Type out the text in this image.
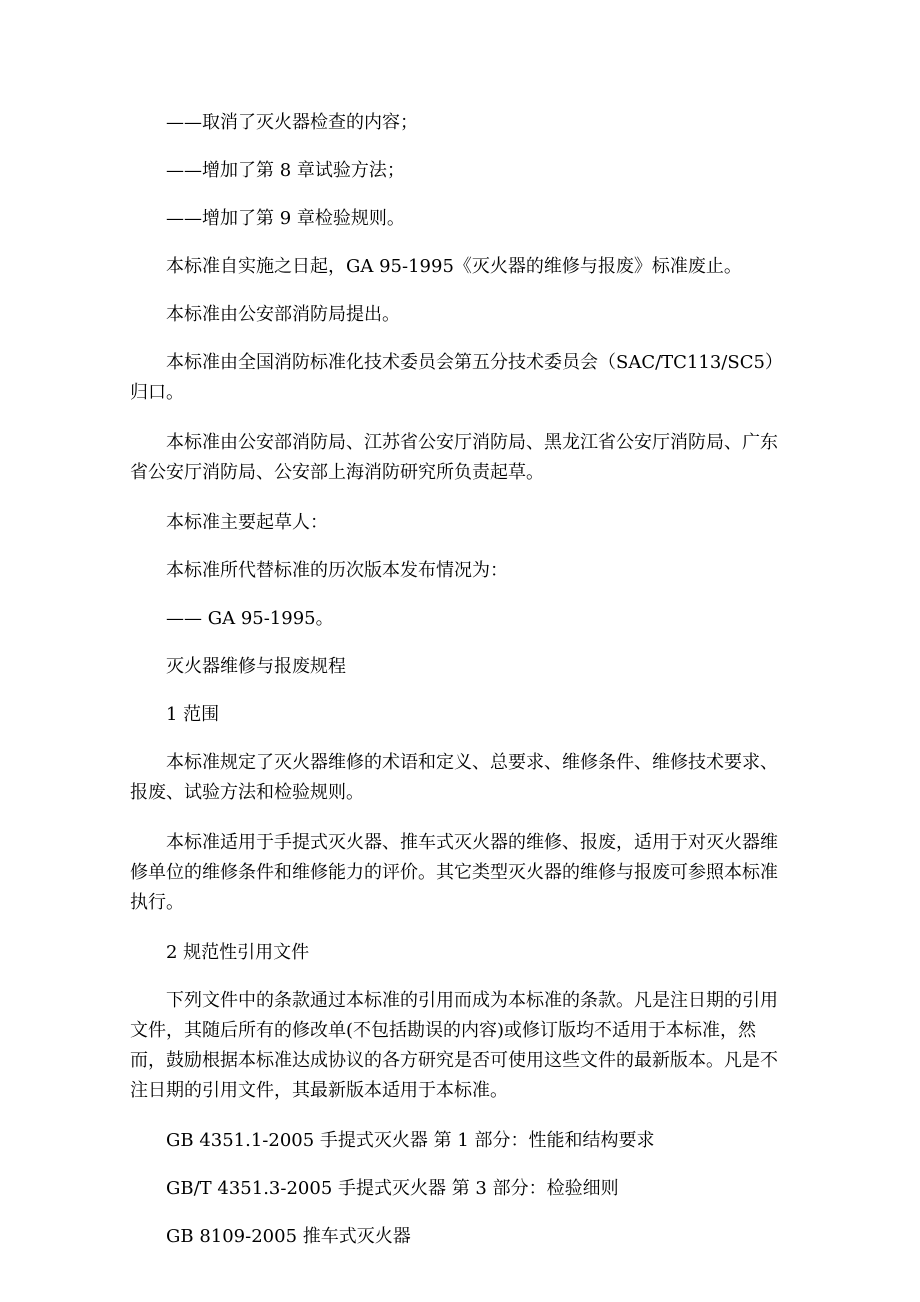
——取消了灭火器检查的内容；

——增加了第 8 章试验方法；

——增加了第 9 章检验规则。

本标准自实施之日起，GA 95-1995《灭火器的维修与报废》标准废止。

本标准由公安部消防局提出。

本标准由全国消防标准化技术委员会第五分技术委员会（SAC/TC113/SC5）归口。

本标准由公安部消防局、江苏省公安厅消防局、黑龙江省公安厅消防局、广东省公安厅消防局、公安部上海消防研究所负责起草。

本标准主要起草人：

本标准所代替标准的历次版本发布情况为：

—— GA 95-1995。

灭火器维修与报废规程

1 范围

本标准规定了灭火器维修的术语和定义、总要求、维修条件、维修技术要求、报废、试验方法和检验规则。

本标准适用于手提式灭火器、推车式灭火器的维修、报废，适用于对灭火器维修单位的维修条件和维修能力的评价。其它类型灭火器的维修与报废可参照本标准执行。

2 规范性引用文件

下列文件中的条款通过本标准的引用而成为本标准的条款。凡是注日期的引用文件，其随后所有的修改单(不包括勘误的内容)或修订版均不适用于本标准，然而，鼓励根据本标准达成协议的各方研究是否可使用这些文件的最新版本。凡是不注日期的引用文件，其最新版本适用于本标准。

GB 4351.1-2005 手提式灭火器 第 1 部分：性能和结构要求

GB/T 4351.3-2005 手提式灭火器 第 3 部分：检验细则

GB 8109-2005 推车式灭火器
